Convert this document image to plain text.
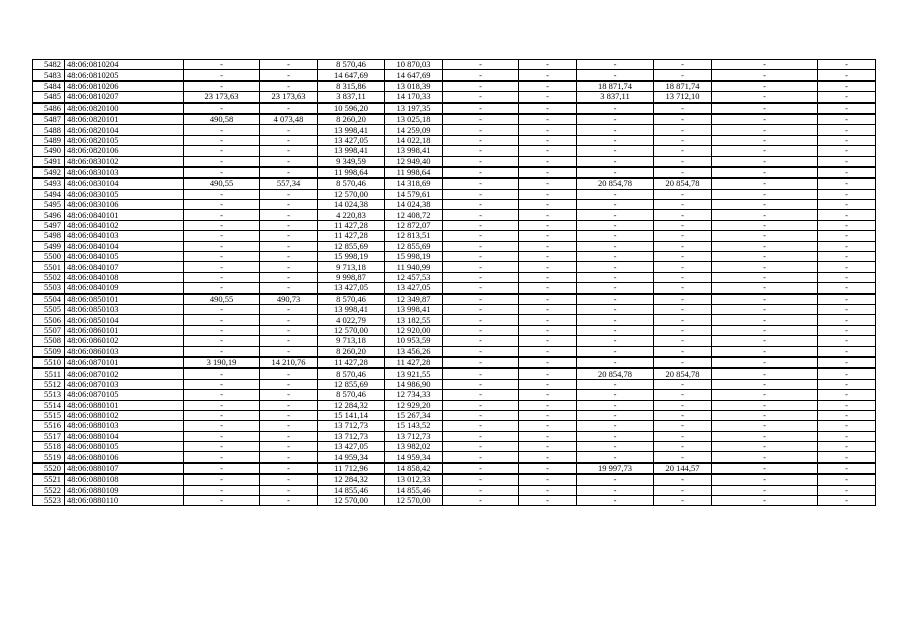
5482	48:06:0810204	-	-	8 570,46	10 870,03	-	-	-	-	-	-
5483	48:06:0810205	-	-	14 647,69	14 647,69	-	-	-	-	-	-
5484	48:06:0810206	-	-	8 315,86	13 018,39	-	-	18 871,74	18 871,74	-	-
5485	48:06:0810207	23 173,63	23 173,63	3 837,11	14 170,33	-	-	3 837,11	13 712,10	-	-
5486	48:06:0820100	-	-	10 596,20	13 197,35	-	-	-	-	-	-
5487	48:06:0820101	490,58	4 073,48	8 260,20	13 025,18	-	-	-	-	-	-
5488	48:06:0820104	-	-	13 998,41	14 259,09	-	-	-	-	-	-
5489	48:06:0820105	-	-	13 427,05	14 022,18	-	-	-	-	-	-
5490	48:06:0820106	-	-	13 998,41	13 998,41	-	-	-	-	-	-
5491	48:06:0830102	-	-	9 349,59	12 949,40	-	-	-	-	-	-
5492	48:06:0830103	-	-	11 998,64	11 998,64	-	-	-	-	-	-
5493	48:06:0830104	490,55	557,34	8 570,46	14 318,69	-	-	20 854,78	20 854,78	-	-
5494	48:06:0830105	-	-	12 570,00	14 579,61	-	-	-	-	-	-
5495	48:06:0830106	-	-	14 024,38	14 024,38	-	-	-	-	-	-
5496	48:06:0840101	-	-	4 220,83	12 408,72	-	-	-	-	-	-
5497	48:06:0840102	-	-	11 427,28	12 872,07	-	-	-	-	-	-
5498	48:06:0840103	-	-	11 427,28	12 813,51	-	-	-	-	-	-
5499	48:06:0840104	-	-	12 855,69	12 855,69	-	-	-	-	-	-
5500	48:06:0840105	-	-	15 998,19	15 998,19	-	-	-	-	-	-
5501	48:06:0840107	-	-	9 713,18	11 940,99	-	-	-	-	-	-
5502	48:06:0840108	-	-	9 998,87	12 457,53	-	-	-	-	-	-
5503	48:06:0840109	-	-	13 427,05	13 427,05	-	-	-	-	-	-
5504	48:06:0850101	490,55	490,73	8 570,46	12 349,87	-	-	-	-	-	-
5505	48:06:0850103	-	-	13 998,41	13 998,41	-	-	-	-	-	-
5506	48:06:0850104	-	-	4 022,79	13 182,55	-	-	-	-	-	-
5507	48:06:0860101	-	-	12 570,00	12 920,00	-	-	-	-	-	-
5508	48:06:0860102	-	-	9 713,18	10 953,59	-	-	-	-	-	-
5509	48:06:0860103	-	-	8 260,20	13 456,26	-	-	-	-	-	-
5510	48:06:0870101	3 190,19	14 210,76	11 427,28	11 427,28	-	-	-	-	-	-
5511	48:06:0870102	-	-	8 570,46	13 921,55	-	-	20 854,78	20 854,78	-	-
5512	48:06:0870103	-	-	12 855,69	14 986,90	-	-	-	-	-	-
5513	48:06:0870105	-	-	8 570,46	12 734,33	-	-	-	-	-	-
5514	48:06:0880101	-	-	12 284,32	12 929,20	-	-	-	-	-	-
5515	48:06:0880102	-	-	15 141,14	15 267,34	-	-	-	-	-	-
5516	48:06:0880103	-	-	13 712,73	15 143,52	-	-	-	-	-	-
5517	48:06:0880104	-	-	13 712,73	13 712,73	-	-	-	-	-	-
5518	48:06:0880105	-	-	13 427,05	13 982,02	-	-	-	-	-	-
5519	48:06:0880106	-	-	14 959,34	14 959,34	-	-	-	-	-	-
5520	48:06:0880107	-	-	11 712,96	14 858,42	-	-	19 997,73	20 144,57	-	-
5521	48:06:0880108	-	-	12 284,32	13 012,33	-	-	-	-	-	-
5522	48:06:0880109	-	-	14 855,46	14 855,46	-	-	-	-	-	-
5523	48:06:0880110	-	-	12 570,00	12 570,00	-	-	-	-	-	-
